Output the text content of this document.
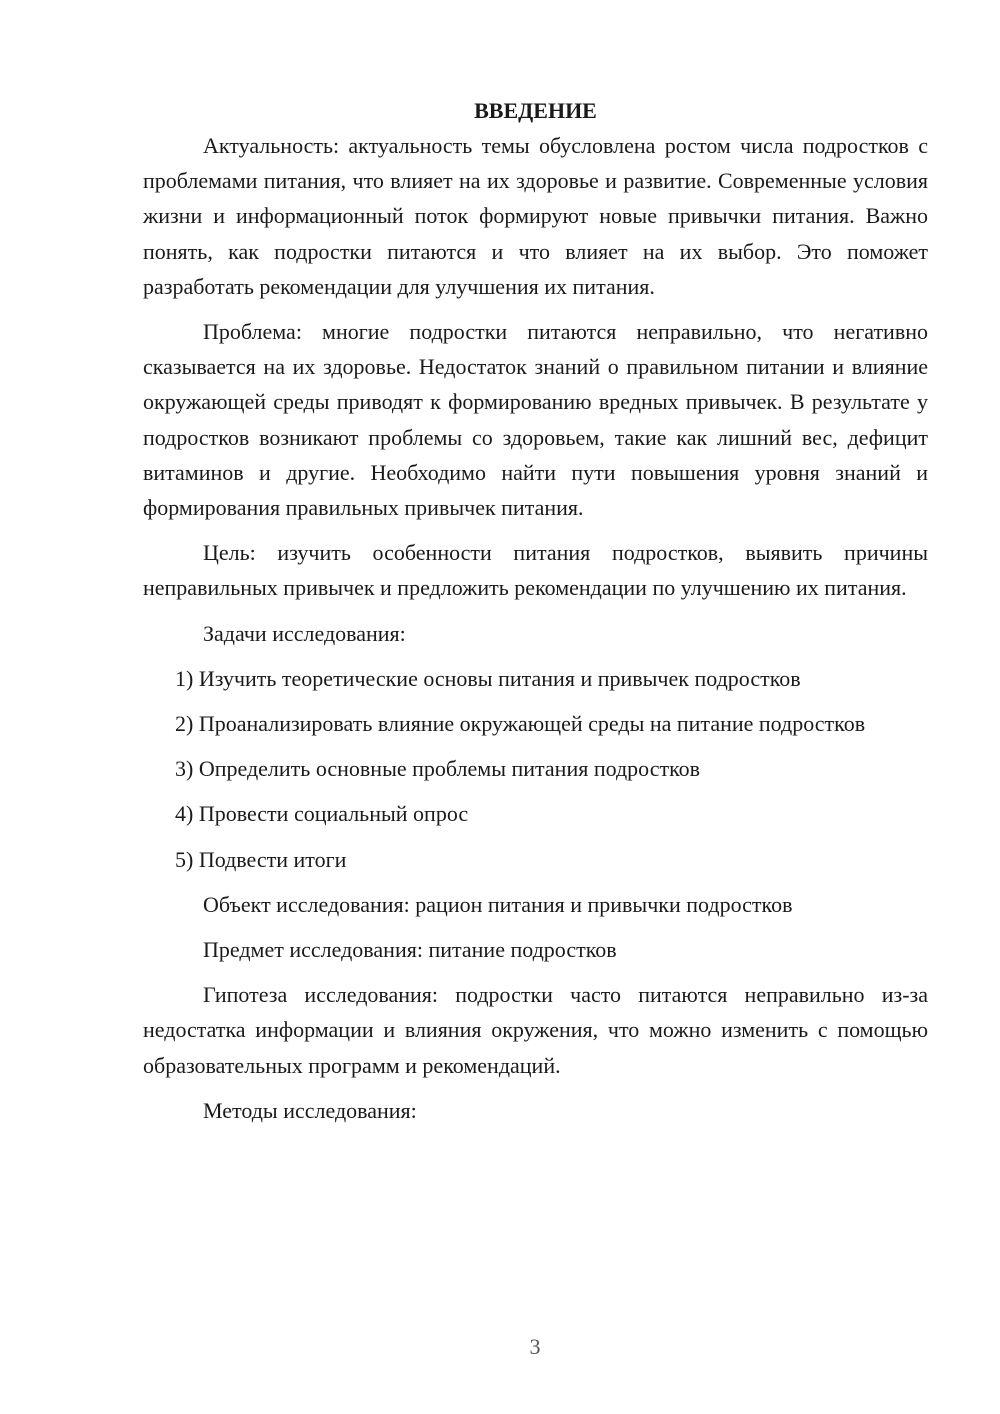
ВВЕДЕНИЕ

Актуальность: актуальность темы обусловлена ростом числа подростков с проблемами питания, что влияет на их здоровье и развитие. Современные условия жизни и информационный поток формируют новые привычки питания. Важно понять, как подростки питаются и что влияет на их выбор. Это поможет разработать рекомендации для улучшения их питания.

Проблема: многие подростки питаются неправильно, что негативно сказывается на их здоровье. Недостаток знаний о правильном питании и влияние окружающей среды приводят к формированию вредных привычек. В результате у подростков возникают проблемы со здоровьем, такие как лишний вес, дефицит витаминов и другие. Необходимо найти пути повышения уровня знаний и формирования правильных привычек питания.

Цель: изучить особенности питания подростков, выявить причины неправильных привычек и предложить рекомендации по улучшению их питания.

Задачи исследования:

1) Изучить теоретические основы питания и привычек подростков

2) Проанализировать влияние окружающей среды на питание подростков

3) Определить основные проблемы питания подростков

4) Провести социальный опрос

5) Подвести итоги

Объект исследования: рацион питания и привычки подростков

Предмет исследования: питание подростков

Гипотеза исследования: подростки часто питаются неправильно из-за недостатка информации и влияния окружения, что можно изменить с помощью образовательных программ и рекомендаций.

Методы исследования:

3
